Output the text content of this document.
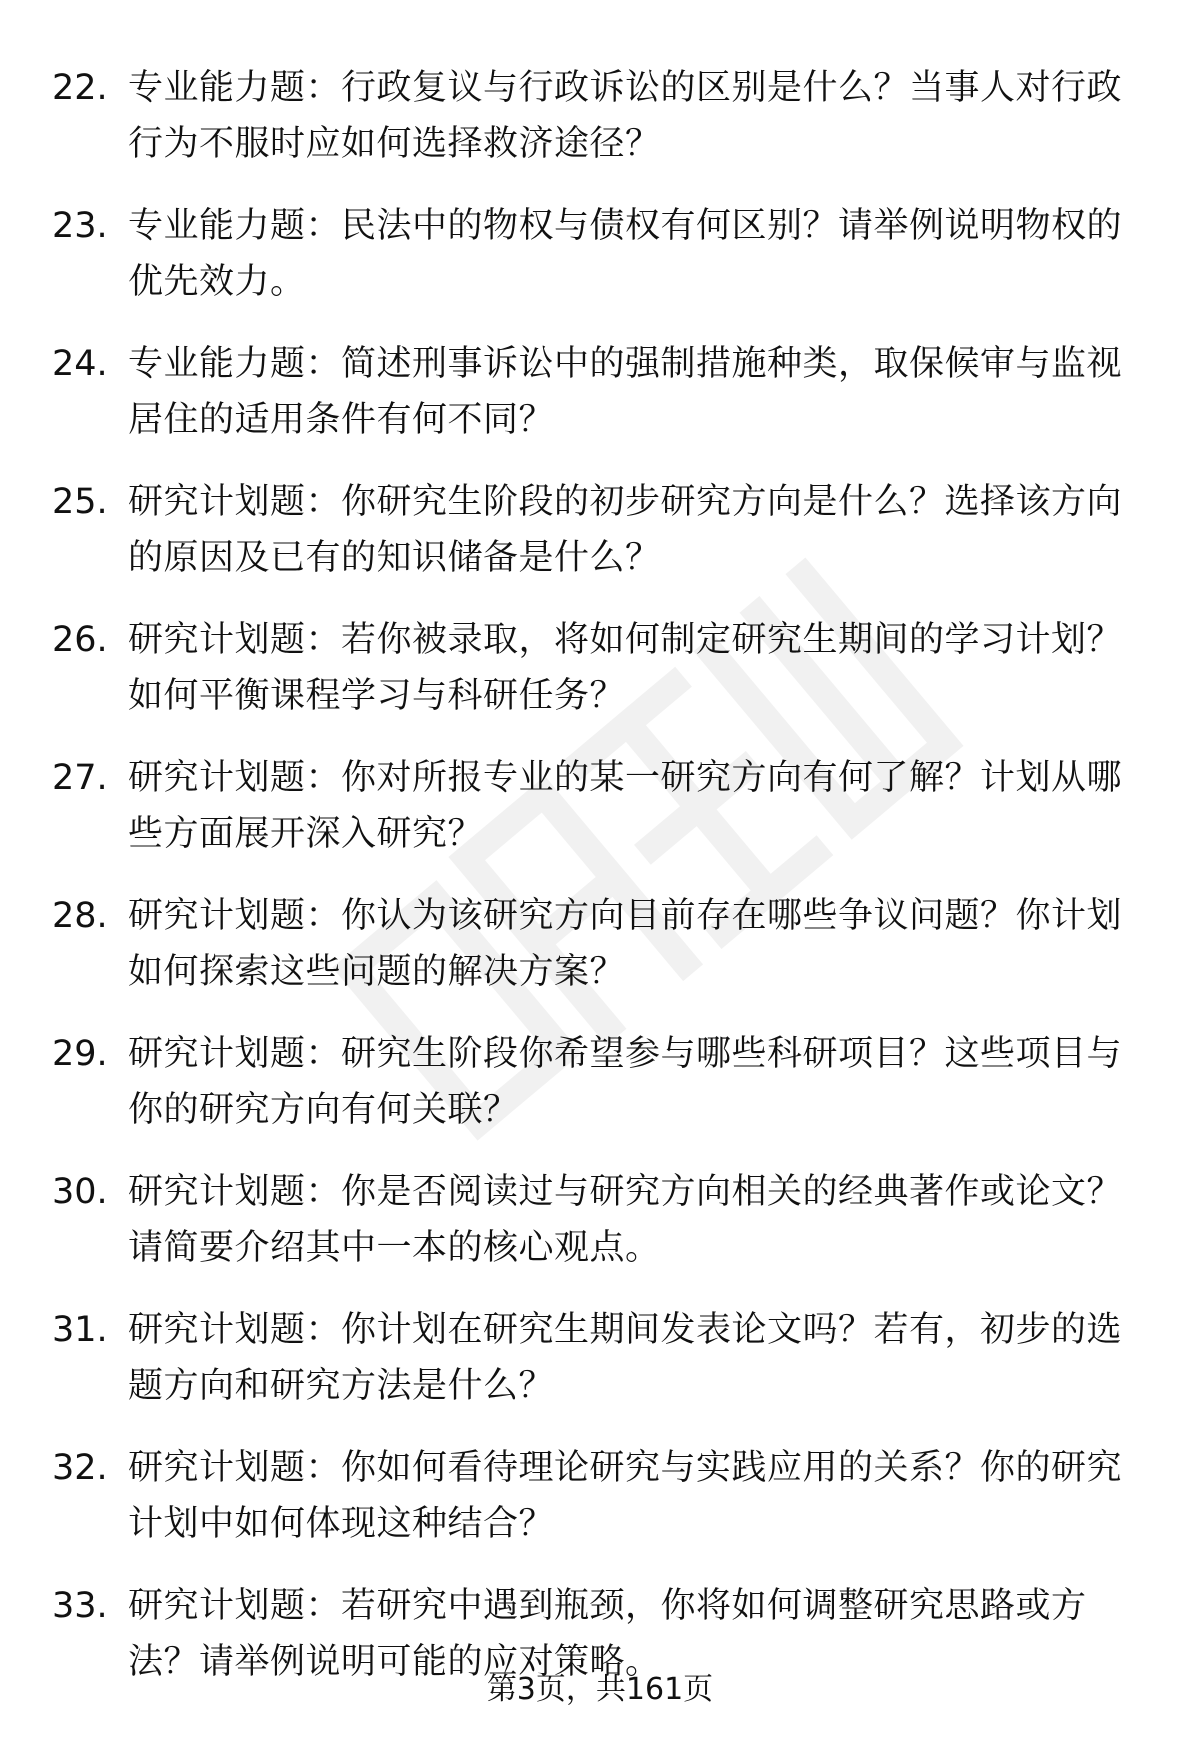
22. 专业能力题：行政复议与行政诉讼的区别是什么？当事人对行政行为不服时应如何选择救济途径？
23. 专业能力题：民法中的物权与债权有何区别？请举例说明物权的优先效力。
24. 专业能力题：简述刑事诉讼中的强制措施种类，取保候审与监视居住的适用条件有何不同？
25. 研究计划题：你研究生阶段的初步研究方向是什么？选择该方向的原因及已有的知识储备是什么？
26. 研究计划题：若你被录取，将如何制定研究生期间的学习计划？如何平衡课程学习与科研任务？
27. 研究计划题：你对所报专业的某一研究方向有何了解？计划从哪些方面展开深入研究？
28. 研究计划题：你认为该研究方向目前存在哪些争议问题？你计划如何探索这些问题的解决方案？
29. 研究计划题：研究生阶段你希望参与哪些科研项目？这些项目与你的研究方向有何关联？
30. 研究计划题：你是否阅读过与研究方向相关的经典著作或论文？请简要介绍其中一本的核心观点。
31. 研究计划题：你计划在研究生期间发表论文吗？若有，初步的选题方向和研究方法是什么？
32. 研究计划题：你如何看待理论研究与实践应用的关系？你的研究计划中如何体现这种结合？
33. 研究计划题：若研究中遇到瓶颈，你将如何调整研究思路或方法？请举例说明可能的应对策略。
第3页，共161页
